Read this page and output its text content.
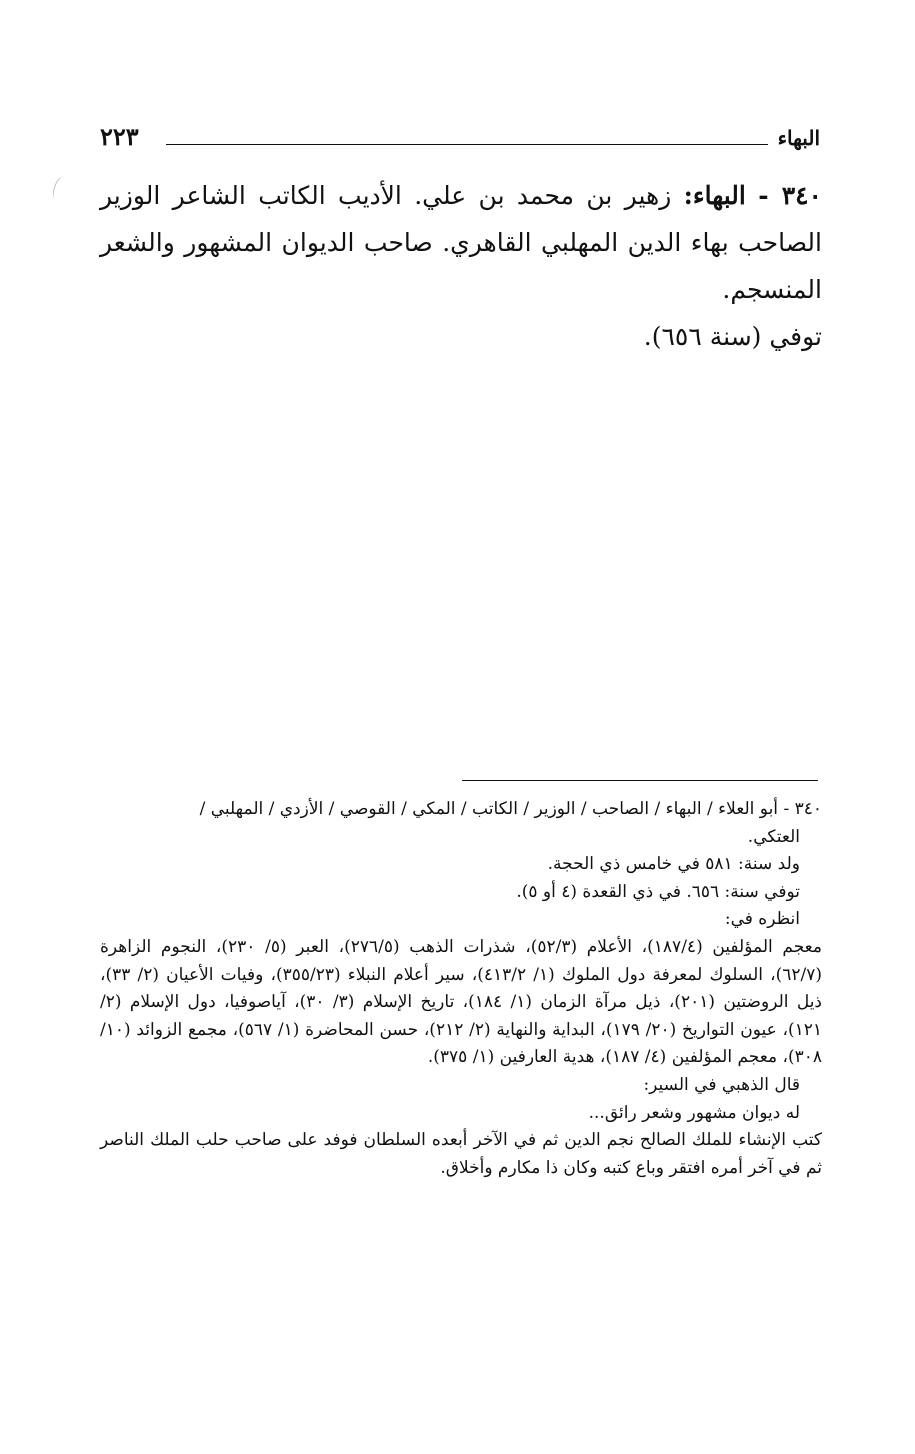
البهاء
٢٢٣

٣٤٠ - البهاء: زهير بن محمد بن علي. الأديب الكاتب الشاعر الوزير الصاحب بهاء الدين المهلبي القاهري. صاحب الديوان المشهور والشعر المنسجم.

توفي (سنة ٦٥٦).

٣٤٠ - أبو العلاء / البهاء / الصاحب / الوزير / الكاتب / المكي / القوصي / الأزدي / المهلبي /
العتكي.

ولد سنة: ٥٨١ في خامس ذي الحجة.

توفي سنة: ٦٥٦. في ذي القعدة (٤ أو ٥).

انظره في:

معجم المؤلفين (١٨٧/٤)، الأعلام (٥٢/٣)، شذرات الذهب (٢٧٦/٥)، العبر (٥/ ٢٣٠)، النجوم الزاهرة (٦٢/٧)، السلوك لمعرفة دول الملوك (١/ ٤١٣/٢)، سير أعلام النبلاء (٣٥٥/٢٣)، وفيات الأعيان (٢/ ٣٣)، ذيل الروضتين (٢٠١)، ذيل مرآة الزمان (١/ ١٨٤)، تاريخ الإسلام (٣/ ٣٠)، آياصوفيا، دول الإسلام (٢/ ١٢١)، عيون التواريخ (٢٠/ ١٧٩)، البداية والنهاية (٢/ ٢١٢)، حسن المحاضرة (١/ ٥٦٧)، مجمع الزوائد (١٠/ ٣٠٨)، معجم المؤلفين (٤/ ١٨٧)، هدية العارفين (١/ ٣٧٥).

قال الذهبي في السير:

له ديوان مشهور وشعر رائق...

كتب الإنشاء للملك الصالح نجم الدين ثم في الآخر أبعده السلطان فوفد على صاحب حلب الملك الناصر ثم في آخر أمره افتقر وباع كتبه وكان ذا مكارم وأخلاق.
